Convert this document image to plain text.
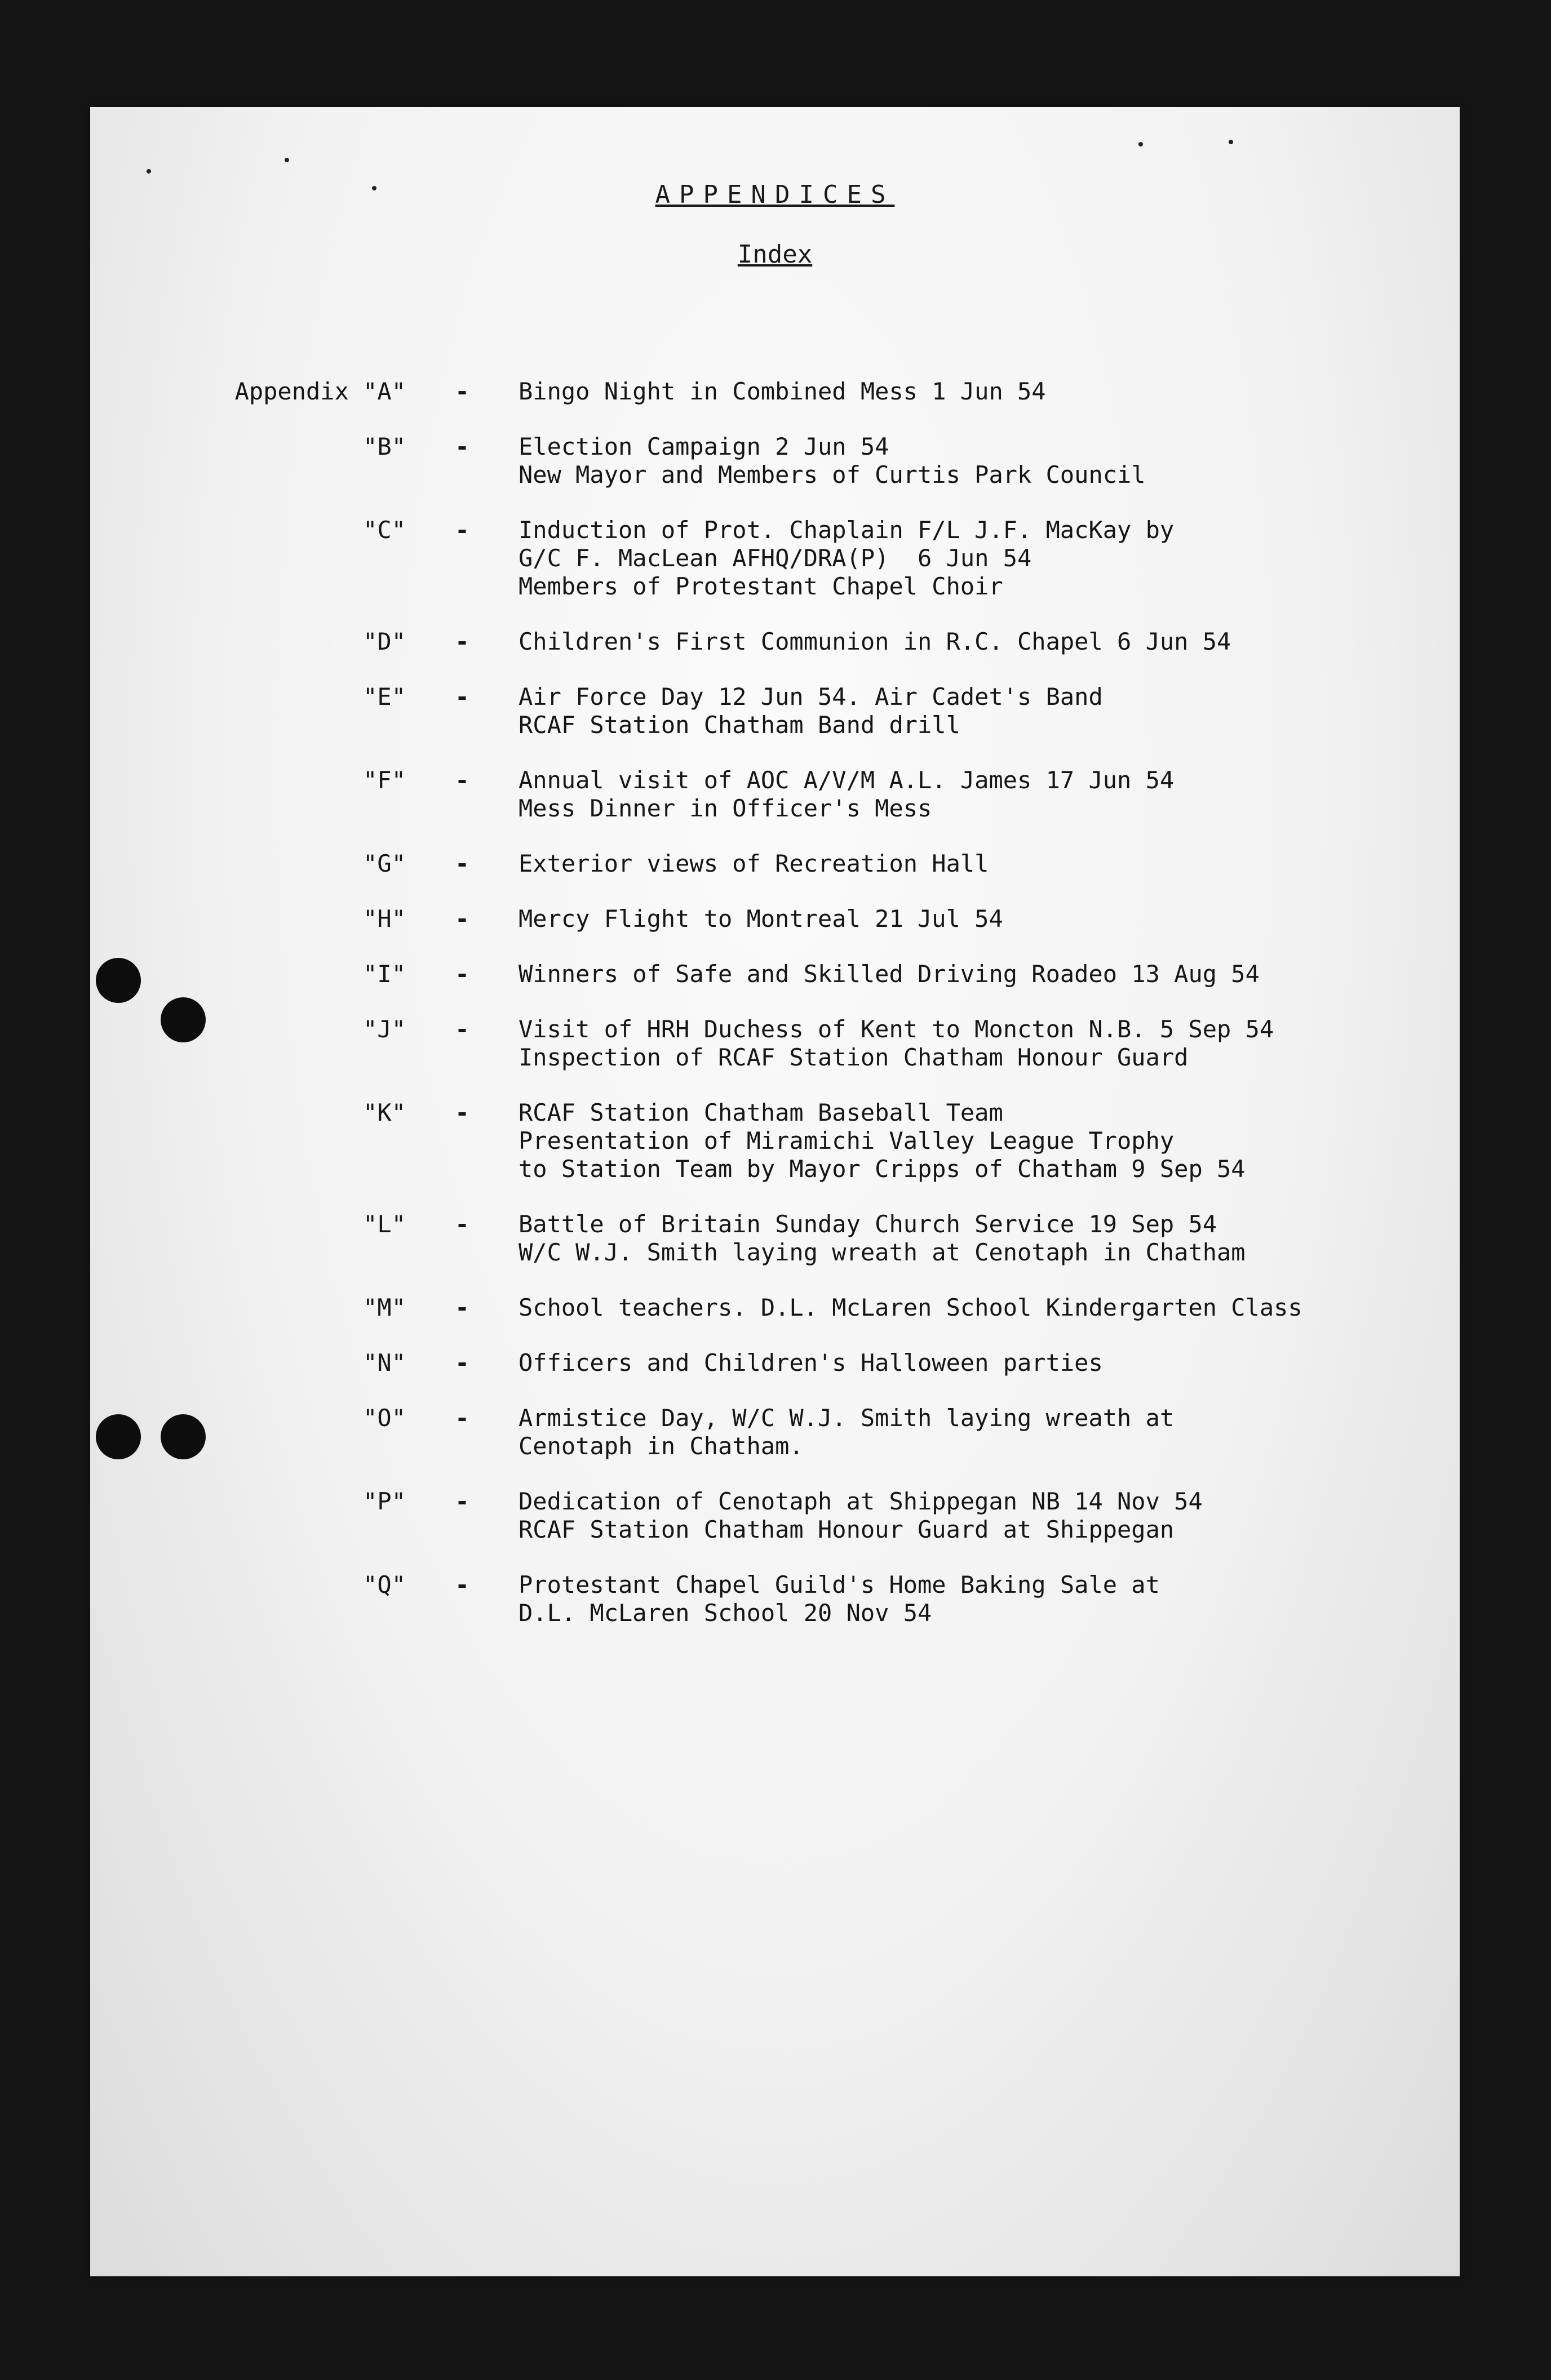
APPENDICES
Index
Appendix "A"	-	Bingo Night in Combined Mess 1 Jun 54
"B"	-	Election Campaign 2 Jun 54
New Mayor and Members of Curtis Park Council
"C"	-	Induction of Prot. Chaplain F/L J.F. MacKay by
G/C F. MacLean AFHQ/DRA(P)  6 Jun 54
Members of Protestant Chapel Choir
"D"	-	Children's First Communion in R.C. Chapel 6 Jun 54
"E"	-	Air Force Day 12 Jun 54. Air Cadet's Band
RCAF Station Chatham Band drill
"F"	-	Annual visit of AOC A/V/M A.L. James 17 Jun 54
Mess Dinner in Officer's Mess
"G"	-	Exterior views of Recreation Hall
"H"	-	Mercy Flight to Montreal 21 Jul 54
"I"	-	Winners of Safe and Skilled Driving Roadeo 13 Aug 54
"J"	-	Visit of HRH Duchess of Kent to Moncton N.B. 5 Sep 54
Inspection of RCAF Station Chatham Honour Guard
"K"	-	RCAF Station Chatham Baseball Team
Presentation of Miramichi Valley League Trophy
to Station Team by Mayor Cripps of Chatham 9 Sep 54
"L"	-	Battle of Britain Sunday Church Service 19 Sep 54
W/C W.J. Smith laying wreath at Cenotaph in Chatham
"M"	-	School teachers. D.L. McLaren School Kindergarten Class
"N"	-	Officers and Children's Halloween parties
"O"	-	Armistice Day, W/C W.J. Smith laying wreath at
Cenotaph in Chatham.
"P"	-	Dedication of Cenotaph at Shippegan NB 14 Nov 54
RCAF Station Chatham Honour Guard at Shippegan
"Q"	-	Protestant Chapel Guild's Home Baking Sale at
D.L. McLaren School 20 Nov 54
